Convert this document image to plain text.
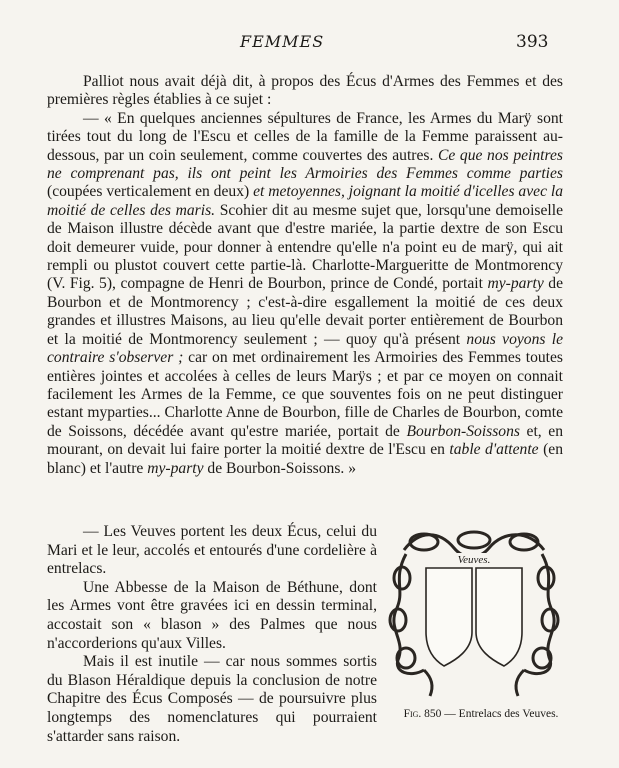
FEMMES	393

Palliot nous avait déjà dit, à propos des Écus d'Armes des Femmes et des premières règles établies à ce sujet :

— « En quelques anciennes sépultures de France, les Armes du Marÿ sont tirées tout du long de l'Escu et celles de la famille de la Femme paraissent au-dessous, par un coin seulement, comme couvertes des autres. Ce que nos peintres ne comprenant pas, ils ont peint les Armoiries des Femmes comme parties (coupées verticalement en deux) et metoyennes, joignant la moitié d'icelles avec la moitié de celles des maris. Scohier dit au mesme sujet que, lorsqu'une demoiselle de Maison illustre décède avant que d'estre mariée, la partie dextre de son Escu doit demeurer vuide, pour donner à entendre qu'elle n'a point eu de marÿ, qui ait rempli ou plustot couvert cette partie-là. Charlotte-Margueritte de Montmorency (V. Fig. 5), compagne de Henri de Bourbon, prince de Condé, portait my-party de Bourbon et de Montmorency ; c'est-à-dire esgallement la moitié de ces deux grandes et illustres Maisons, au lieu qu'elle devait porter entièrement de Bourbon et la moitié de Montmorency seulement ; — quoy qu'à présent nous voyons le contraire s'observer ; car on met ordinairement les Armoiries des Femmes toutes entières jointes et accolées à celles de leurs Marÿs ; et par ce moyen on connait facilement les Armes de la Femme, ce que souventes fois on ne peut distinguer estant myparties... Charlotte Anne de Bourbon, fille de Charles de Bourbon, comte de Soissons, décédée avant qu'estre mariée, portait de Bourbon-Soissons et, en mourant, on devait lui faire porter la moitié dextre de l'Escu en table d'attente (en blanc) et l'autre my-party de Bourbon-Soissons. »

— Les Veuves portent les deux Écus, celui du Mari et le leur, accolés et entourés d'une cordelière à entrelacs.

Une Abbesse de la Maison de Béthune, dont les Armes vont être gravées ici en dessin terminal, accostait son « blason » des Palmes que nous n'accorderions qu'aux Villes.

Mais il est inutile — car nous sommes sortis du Blason Héraldique depuis la conclusion de notre Chapitre des Écus Composés — de poursuivre plus longtemps des nomenclatures qui pourraient s'attarder sans raison.

Veuves.
Fig. 850 — Entrelacs des Veuves.
